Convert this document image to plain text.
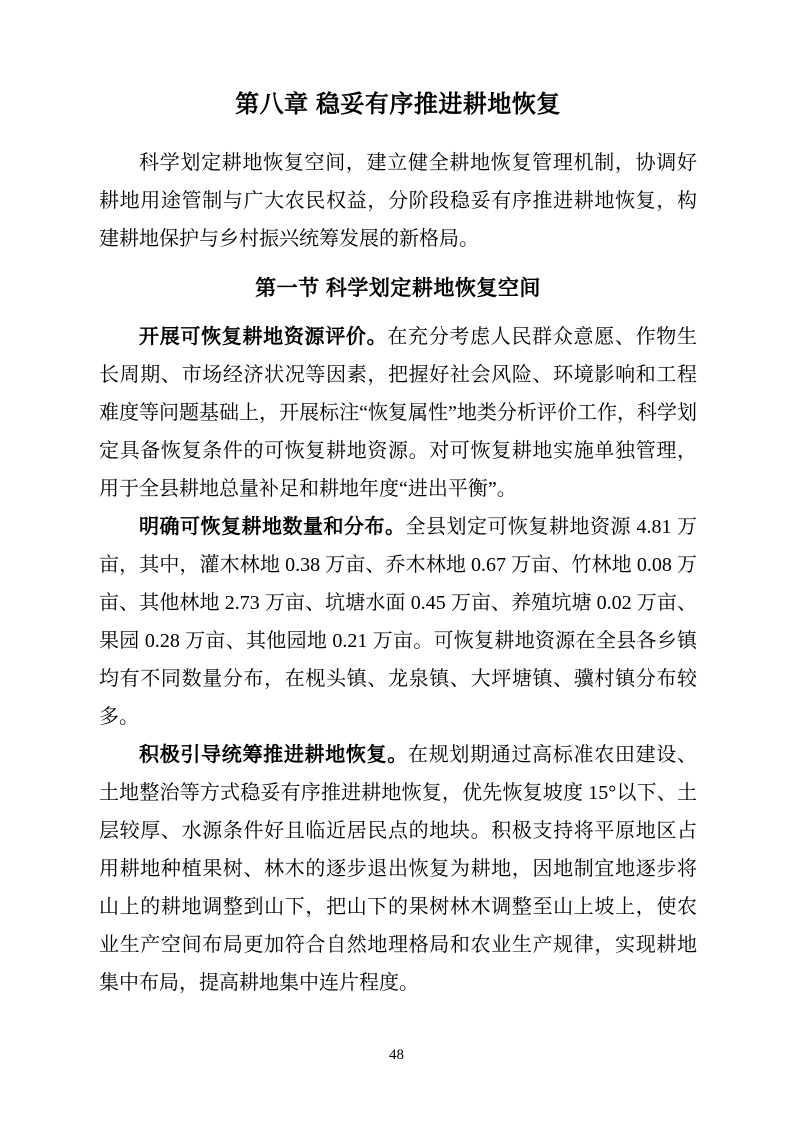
第八章 稳妥有序推进耕地恢复

科学划定耕地恢复空间，建立健全耕地恢复管理机制，协调好耕地用途管制与广大农民权益，分阶段稳妥有序推进耕地恢复，构建耕地保护与乡村振兴统筹发展的新格局。

第一节 科学划定耕地恢复空间

开展可恢复耕地资源评价。在充分考虑人民群众意愿、作物生长周期、市场经济状况等因素，把握好社会风险、环境影响和工程难度等问题基础上，开展标注“恢复属性”地类分析评价工作，科学划定具备恢复条件的可恢复耕地资源。对可恢复耕地实施单独管理，用于全县耕地总量补足和耕地年度“进出平衡”。

明确可恢复耕地数量和分布。全县划定可恢复耕地资源 4.81 万亩，其中，灌木林地 0.38 万亩、乔木林地 0.67 万亩、竹林地 0.08 万亩、其他林地 2.73 万亩、坑塘水面 0.45 万亩、养殖坑塘 0.02 万亩、果园 0.28 万亩、其他园地 0.21 万亩。可恢复耕地资源在全县各乡镇均有不同数量分布，在枧头镇、龙泉镇、大坪塘镇、骥村镇分布较多。

积极引导统筹推进耕地恢复。在规划期通过高标准农田建设、土地整治等方式稳妥有序推进耕地恢复，优先恢复坡度 15°以下、土层较厚、水源条件好且临近居民点的地块。积极支持将平原地区占用耕地种植果树、林木的逐步退出恢复为耕地，因地制宜地逐步将山上的耕地调整到山下，把山下的果树林木调整至山上坡上，使农业生产空间布局更加符合自然地理格局和农业生产规律，实现耕地集中布局，提高耕地集中连片程度。

48
